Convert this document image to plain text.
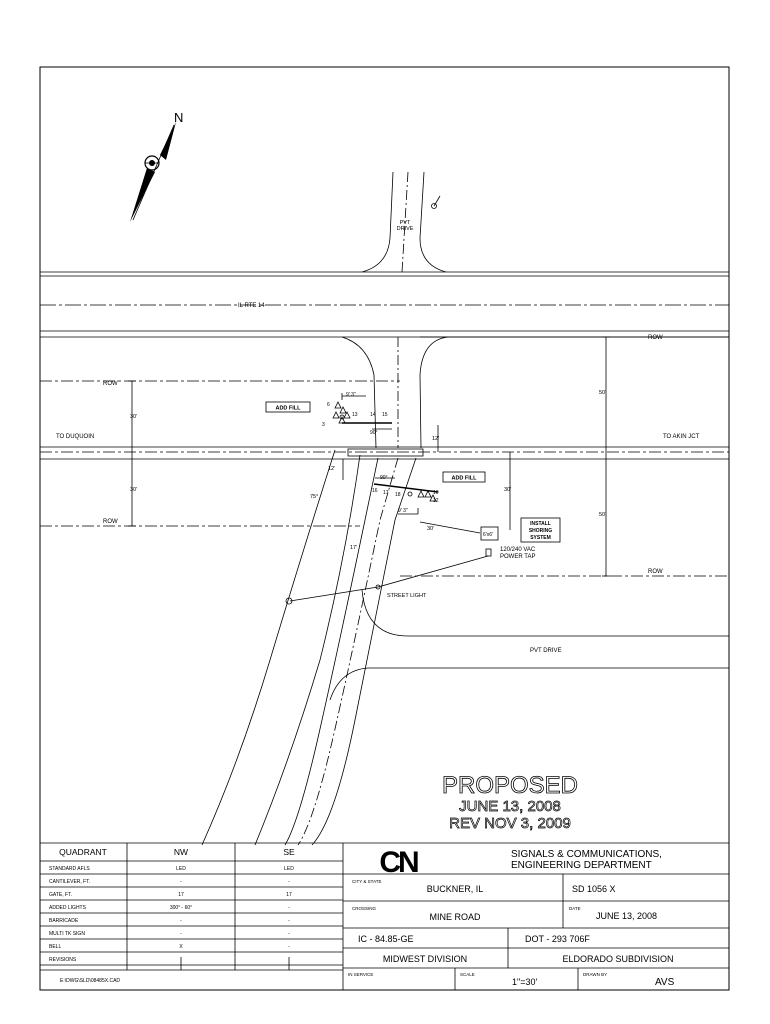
N
PVT
DRIVE
IL RTE 14
ROW
ROW
ROW
ROW
TO DUQUOIN	TO AKIN JCT
30'
30'
50'
50'
30'
12'
12'
75°
17'
30'
9' 3"
90°
13 14 15
3
6
90°
9' 3"
16 17 18	10
12
ADD FILL
ADD FILL
6'x6'
INSTALL
SHORING
SYSTEM
120/240 VAC
POWER TAP
STREET LIGHT
PVT DRIVE
PROPOSED
JUNE 13, 2008
REV NOV 3, 2009
QUADRANT	NW	SE
STANDARD AFLS	LED	LED
CANTILEVER, FT.	-	-
GATE, FT.	17	17
ADDED LIGHTS	300° - 60°	-
BARRICADE	-	-
MULTI TK SIGN	-	-
BELL	X	-
REVISIONS
E:\DWG\SLD\08485X.CAD
CN	SIGNALS & COMMUNICATIONS,
ENGINEERING DEPARTMENT
CITY & STATE
BUCKNER, IL	SD 1056 X
CROSSING
MINE ROAD
DATE
JUNE 13, 2008
IC - 84.85-GE	DOT - 293 706F
MIDWEST DIVISION	ELDORADO SUBDIVISION
IN SERVICE	SCALE
1"=30'
DRAWN BY
AVS
